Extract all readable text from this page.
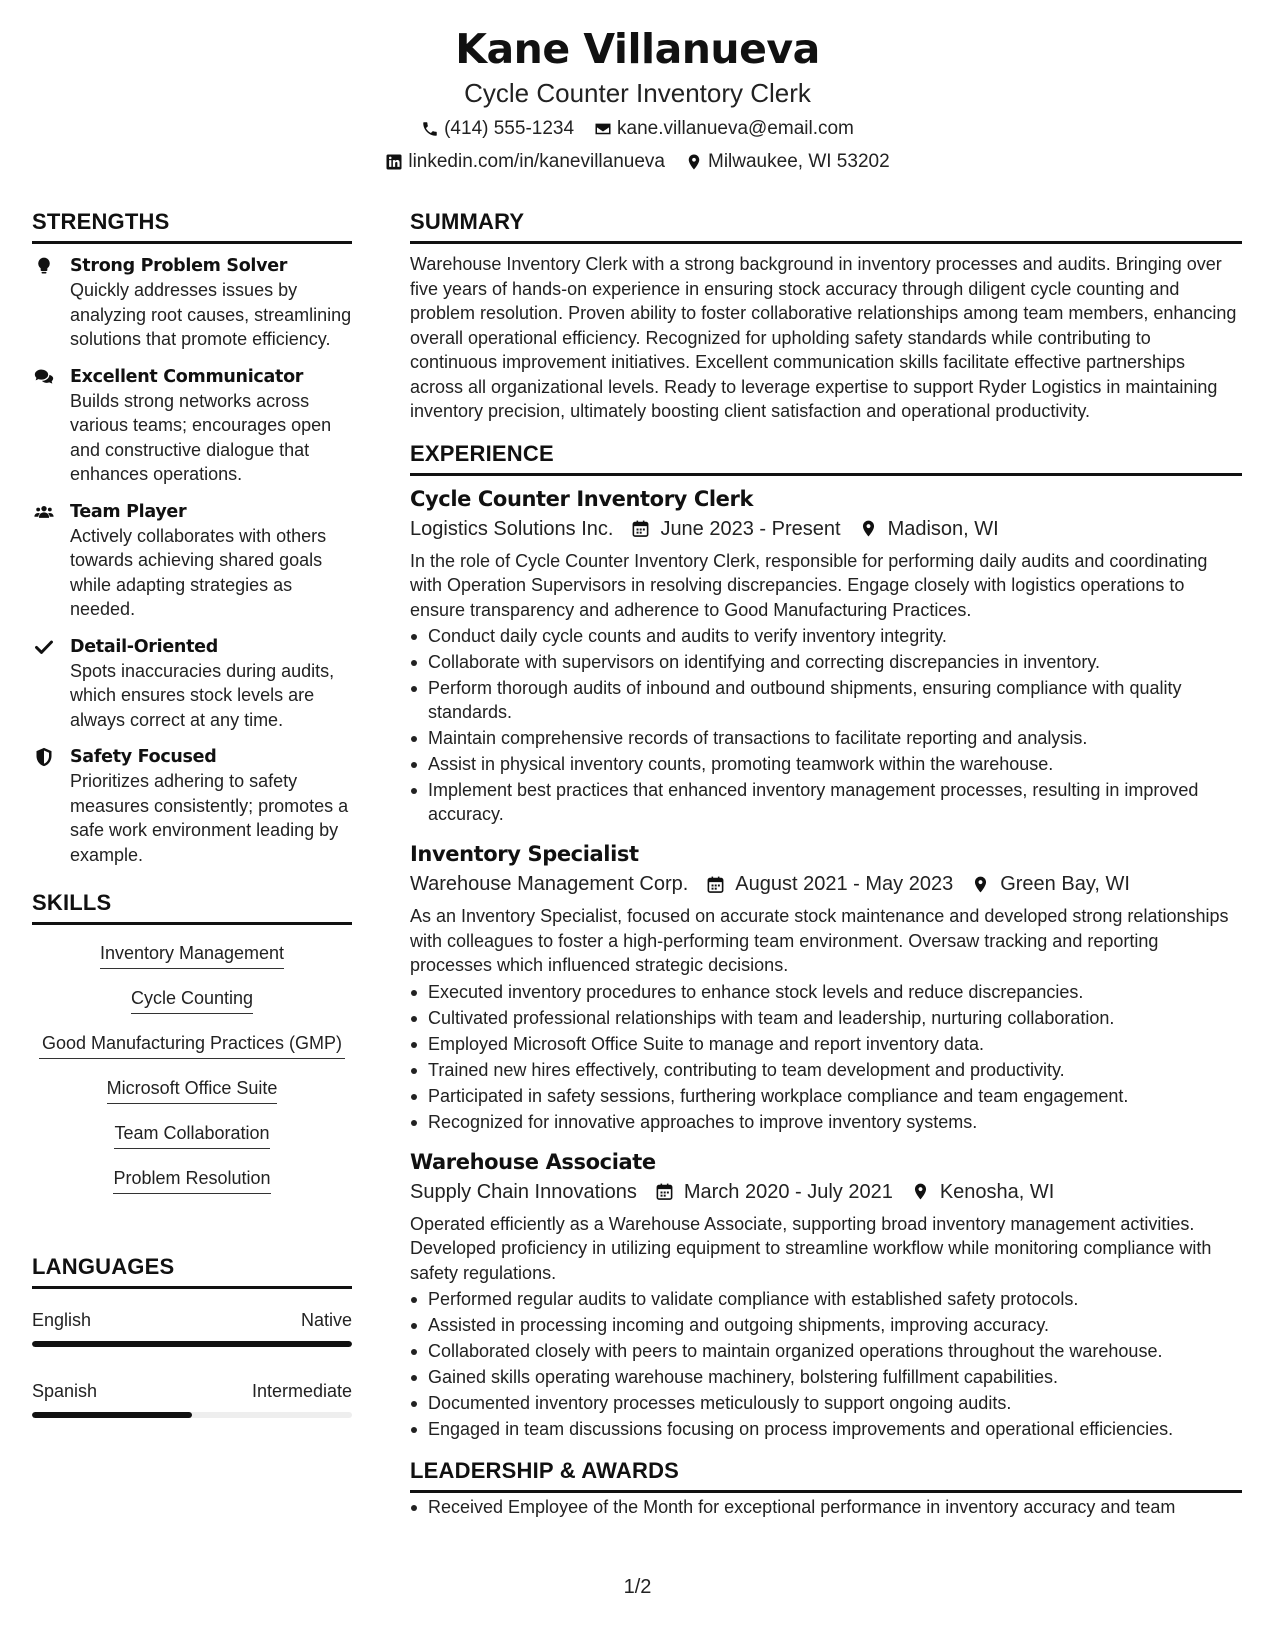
Kane Villanueva
Cycle Counter Inventory Clerk
(414) 555-1234 kane.villanueva@email.com
linkedin.com/in/kanevillanueva Milwaukee, WI 53202
STRENGTHS
Strong Problem Solver
Quickly addresses issues by analyzing root causes, streamlining solutions that promote efficiency.
Excellent Communicator
Builds strong networks across various teams; encourages open and constructive dialogue that enhances operations.
Team Player
Actively collaborates with others towards achieving shared goals while adapting strategies as needed.
Detail-Oriented
Spots inaccuracies during audits, which ensures stock levels are always correct at any time.
Safety Focused
Prioritizes adhering to safety measures consistently; promotes a safe work environment leading by example.
SKILLS
Inventory Management
Cycle Counting
Good Manufacturing Practices (GMP)
Microsoft Office Suite
Team Collaboration
Problem Resolution
LANGUAGES
English	Native
Spanish	Intermediate
SUMMARY
Warehouse Inventory Clerk with a strong background in inventory processes and audits. Bringing over five years of hands-on experience in ensuring stock accuracy through diligent cycle counting and problem resolution. Proven ability to foster collaborative relationships among team members, enhancing overall operational efficiency. Recognized for upholding safety standards while contributing to continuous improvement initiatives. Excellent communication skills facilitate effective partnerships across all organizational levels. Ready to leverage expertise to support Ryder Logistics in maintaining inventory precision, ultimately boosting client satisfaction and operational productivity.
EXPERIENCE
Cycle Counter Inventory Clerk
Logistics Solutions Inc. June 2023 - Present Madison, WI
In the role of Cycle Counter Inventory Clerk, responsible for performing daily audits and coordinating with Operation Supervisors in resolving discrepancies. Engage closely with logistics operations to ensure transparency and adherence to Good Manufacturing Practices.
Conduct daily cycle counts and audits to verify inventory integrity.
Collaborate with supervisors on identifying and correcting discrepancies in inventory.
Perform thorough audits of inbound and outbound shipments, ensuring compliance with quality standards.
Maintain comprehensive records of transactions to facilitate reporting and analysis.
Assist in physical inventory counts, promoting teamwork within the warehouse.
Implement best practices that enhanced inventory management processes, resulting in improved accuracy.
Inventory Specialist
Warehouse Management Corp. August 2021 - May 2023 Green Bay, WI
As an Inventory Specialist, focused on accurate stock maintenance and developed strong relationships with colleagues to foster a high-performing team environment. Oversaw tracking and reporting processes which influenced strategic decisions.
Executed inventory procedures to enhance stock levels and reduce discrepancies.
Cultivated professional relationships with team and leadership, nurturing collaboration.
Employed Microsoft Office Suite to manage and report inventory data.
Trained new hires effectively, contributing to team development and productivity.
Participated in safety sessions, furthering workplace compliance and team engagement.
Recognized for innovative approaches to improve inventory systems.
Warehouse Associate
Supply Chain Innovations March 2020 - July 2021 Kenosha, WI
Operated efficiently as a Warehouse Associate, supporting broad inventory management activities. Developed proficiency in utilizing equipment to streamline workflow while monitoring compliance with safety regulations.
Performed regular audits to validate compliance with established safety protocols.
Assisted in processing incoming and outgoing shipments, improving accuracy.
Collaborated closely with peers to maintain organized operations throughout the warehouse.
Gained skills operating warehouse machinery, bolstering fulfillment capabilities.
Documented inventory processes meticulously to support ongoing audits.
Engaged in team discussions focusing on process improvements and operational efficiencies.
LEADERSHIP & AWARDS
Received Employee of the Month for exceptional performance in inventory accuracy and team
1/2
